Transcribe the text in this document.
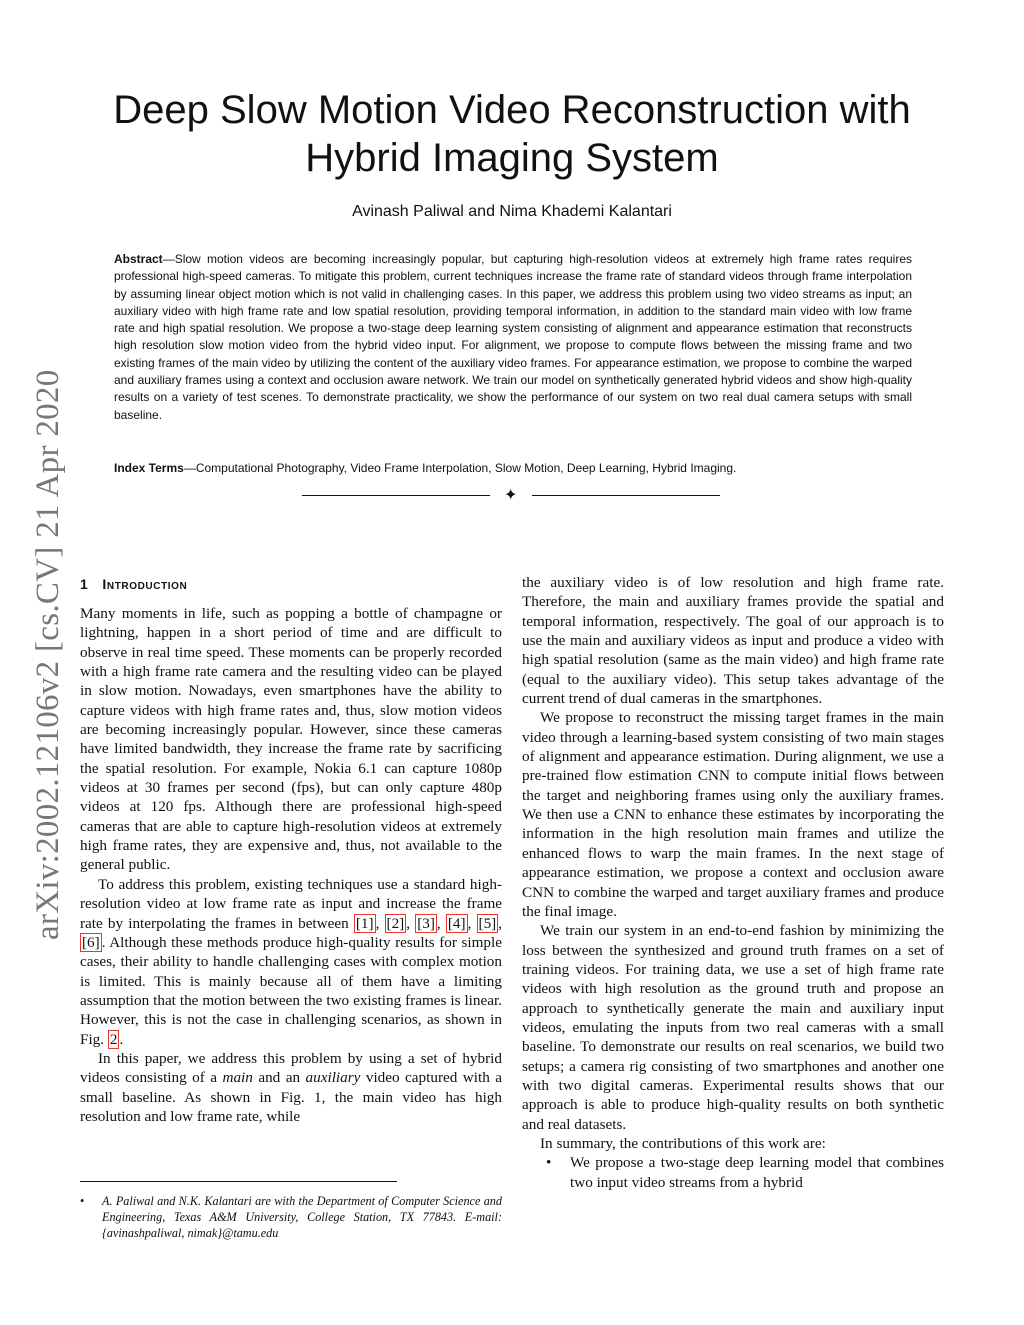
arXiv:2002.12106v2 [cs.CV] 21 Apr 2020
Deep Slow Motion Video Reconstruction with
Hybrid Imaging System
Avinash Paliwal and Nima Khademi Kalantari
Abstract—Slow motion videos are becoming increasingly popular, but capturing high-resolution videos at extremely high frame rates requires professional high-speed cameras. To mitigate this problem, current techniques increase the frame rate of standard videos through frame interpolation by assuming linear object motion which is not valid in challenging cases. In this paper, we address this problem using two video streams as input; an auxiliary video with high frame rate and low spatial resolution, providing temporal information, in addition to the standard main video with low frame rate and high spatial resolution. We propose a two-stage deep learning system consisting of alignment and appearance estimation that reconstructs high resolution slow motion video from the hybrid video input. For alignment, we propose to compute flows between the missing frame and two existing frames of the main video by utilizing the content of the auxiliary video frames. For appearance estimation, we propose to combine the warped and auxiliary frames using a context and occlusion aware network. We train our model on synthetically generated hybrid videos and show high-quality results on a variety of test scenes. To demonstrate practicality, we show the performance of our system on two real dual camera setups with small baseline.
Index Terms—Computational Photography, Video Frame Interpolation, Slow Motion, Deep Learning, Hybrid Imaging.
✦
1 Introduction

Many moments in life, such as popping a bottle of champagne or lightning, happen in a short period of time and are difficult to observe in real time speed. These moments can be properly recorded with a high frame rate camera and the resulting video can be played in slow motion. Nowadays, even smartphones have the ability to capture videos with high frame rates and, thus, slow motion videos are becoming increasingly popular. However, since these cameras have limited bandwidth, they increase the frame rate by sacrificing the spatial resolution. For example, Nokia 6.1 can capture 1080p videos at 30 frames per second (fps), but can only capture 480p videos at 120 fps. Although there are professional high-speed cameras that are able to capture high-resolution videos at extremely high frame rates, they are expensive and, thus, not available to the general public.

To address this problem, existing techniques use a standard high-resolution video at low frame rate as input and increase the frame rate by interpolating the frames in between [1] , [2] , [3] , [4] , [5] , [6] . Although these methods produce high-quality results for simple cases, their ability to handle challenging cases with complex motion is limited. This is mainly because all of them have a limiting assumption that the motion between the two existing frames is linear. However, this is not the case in challenging scenarios, as shown in Fig. 2 .

In this paper, we address this problem by using a set of hybrid videos consisting of a main and an auxiliary video captured with a small baseline. As shown in Fig. 1, the main video has high resolution and low frame rate, while

• A. Paliwal and N.K. Kalantari are with the Department of Computer Science and Engineering, Texas A&M University, College Station, TX 77843. E-mail: {avinashpaliwal, nimak}@tamu.edu

the auxiliary video is of low resolution and high frame rate. Therefore, the main and auxiliary frames provide the spatial and temporal information, respectively. The goal of our approach is to use the main and auxiliary videos as input and produce a video with high spatial resolution (same as the main video) and high frame rate (equal to the auxiliary video). This setup takes advantage of the current trend of dual cameras in the smartphones.

We propose to reconstruct the missing target frames in the main video through a learning-based system consisting of two main stages of alignment and appearance estimation. During alignment, we use a pre-trained flow estimation CNN to compute initial flows between the target and neighboring frames using only the auxiliary frames. We then use a CNN to enhance these estimates by incorporating the information in the high resolution main frames and utilize the enhanced flows to warp the main frames. In the next stage of appearance estimation, we propose a context and occlusion aware CNN to combine the warped and target auxiliary frames and produce the final image.

We train our system in an end-to-end fashion by minimizing the loss between the synthesized and ground truth frames on a set of training videos. For training data, we use a set of high frame rate videos with high resolution as the ground truth and propose an approach to synthetically generate the main and auxiliary input videos, emulating the inputs from two real cameras with a small baseline. To demonstrate our results on real scenarios, we build two setups; a camera rig consisting of two smartphones and another one with two digital cameras. Experimental results shows that our approach is able to produce high-quality results on both synthetic and real datasets.

In summary, the contributions of this work are:

• We propose a two-stage deep learning model that combines two input video streams from a hybrid
